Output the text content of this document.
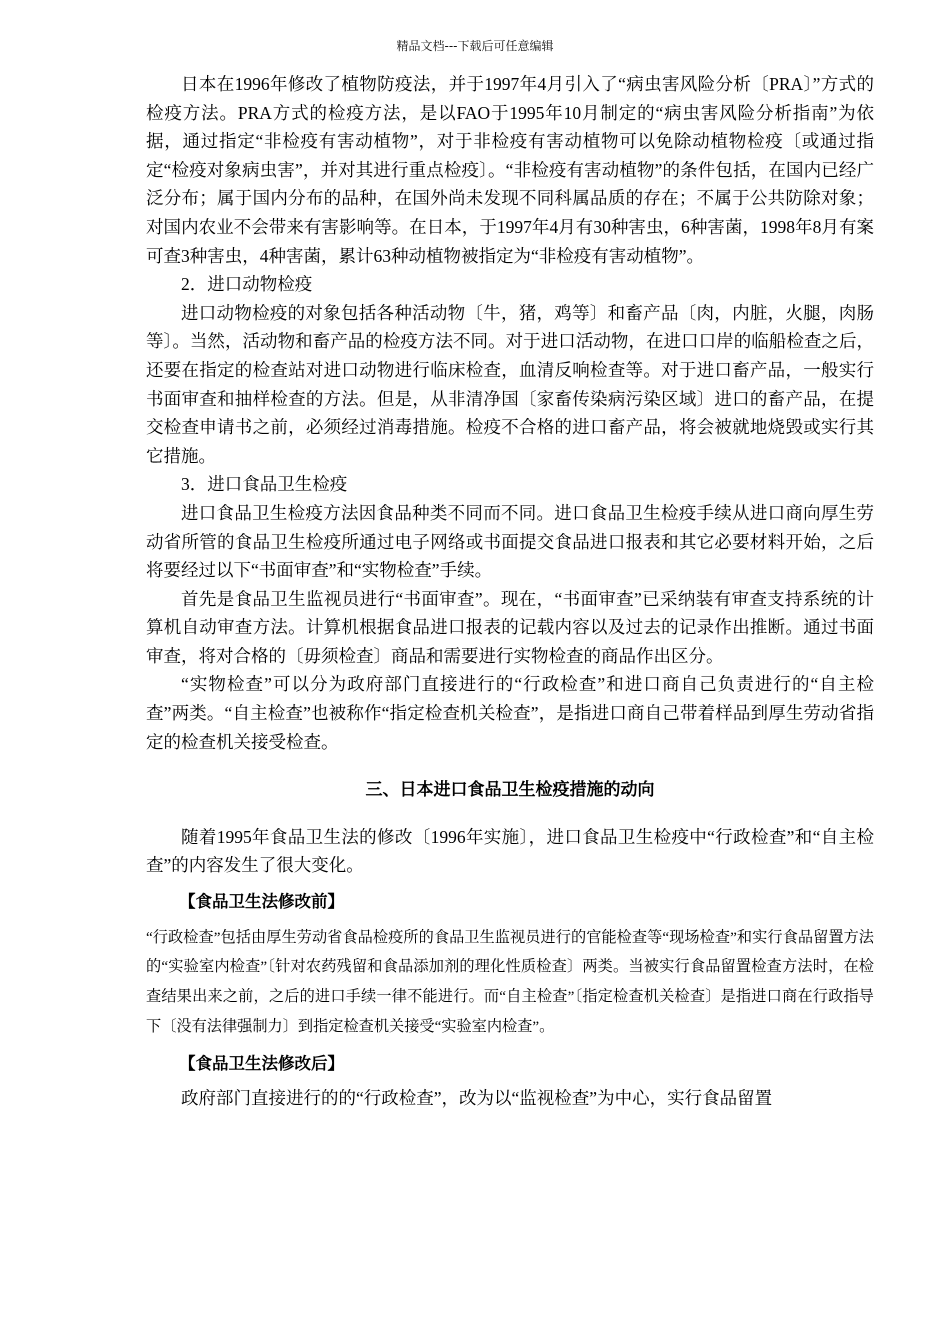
精品文档---下载后可任意编辑

日本在1996年修改了植物防疫法，并于1997年4月引入了“病虫害风险分析〔PRA〕”方式的检疫方法。PRA方式的检疫方法，是以FAO于1995年10月制定的“病虫害风险分析指南”为依据，通过指定“非检疫有害动植物”，对于非检疫有害动植物可以免除动植物检疫〔或通过指定“检疫对象病虫害”，并对其进行重点检疫〕。“非检疫有害动植物”的条件包括，在国内已经广泛分布；属于国内分布的品种，在国外尚未发现不同科属品质的存在；不属于公共防除对象；对国内农业不会带来有害影响等。在日本，于1997年4月有30种害虫，6种害菌，1998年8月有案可查3种害虫，4种害菌，累计63种动植物被指定为“非检疫有害动植物”。

2．进口动物检疫

进口动物检疫的对象包括各种活动物〔牛，猪，鸡等〕和畜产品〔肉，内脏，火腿，肉肠等〕。当然，活动物和畜产品的检疫方法不同。对于进口活动物，在进口口岸的临船检查之后，还要在指定的检查站对进口动物进行临床检查，血清反响检查等。对于进口畜产品，一般实行书面审查和抽样检查的方法。但是，从非清净国〔家畜传染病污染区域〕进口的畜产品，在提交检查申请书之前，必须经过消毒措施。检疫不合格的进口畜产品，将会被就地烧毁或实行其它措施。

3．进口食品卫生检疫

进口食品卫生检疫方法因食品种类不同而不同。进口食品卫生检疫手续从进口商向厚生劳动省所管的食品卫生检疫所通过电子网络或书面提交食品进口报表和其它必要材料开始，之后将要经过以下“书面审查”和“实物检查”手续。

首先是食品卫生监视员进行“书面审查”。现在，“书面审查”已采纳装有审查支持系统的计算机自动审查方法。计算机根据食品进口报表的记载内容以及过去的记录作出推断。通过书面审查，将对合格的〔毋须检查〕商品和需要进行实物检查的商品作出区分。

“实物检查”可以分为政府部门直接进行的“行政检查”和进口商自己负责进行的“自主检查”两类。“自主检查”也被称作“指定检查机关检查”，是指进口商自己带着样品到厚生劳动省指定的检查机关接受检查。

三、日本进口食品卫生检疫措施的动向

随着1995年食品卫生法的修改〔1996年实施〕，进口食品卫生检疫中“行政检查”和“自主检查”的内容发生了很大变化。

【食品卫生法修改前】

“行政检查”包括由厚生劳动省食品检疫所的食品卫生监视员进行的官能检查等“现场检查”和实行食品留置方法的“实验室内检查”〔针对农药残留和食品添加剂的理化性质检查〕两类。当被实行食品留置检查方法时，在检查结果出来之前，之后的进口手续一律不能进行。而“自主检查”〔指定检查机关检查〕是指进口商在行政指导下〔没有法律强制力〕到指定检查机关接受“实验室内检查”。

【食品卫生法修改后】

政府部门直接进行的的“行政检查”，改为以“监视检查”为中心，实行食品留置
